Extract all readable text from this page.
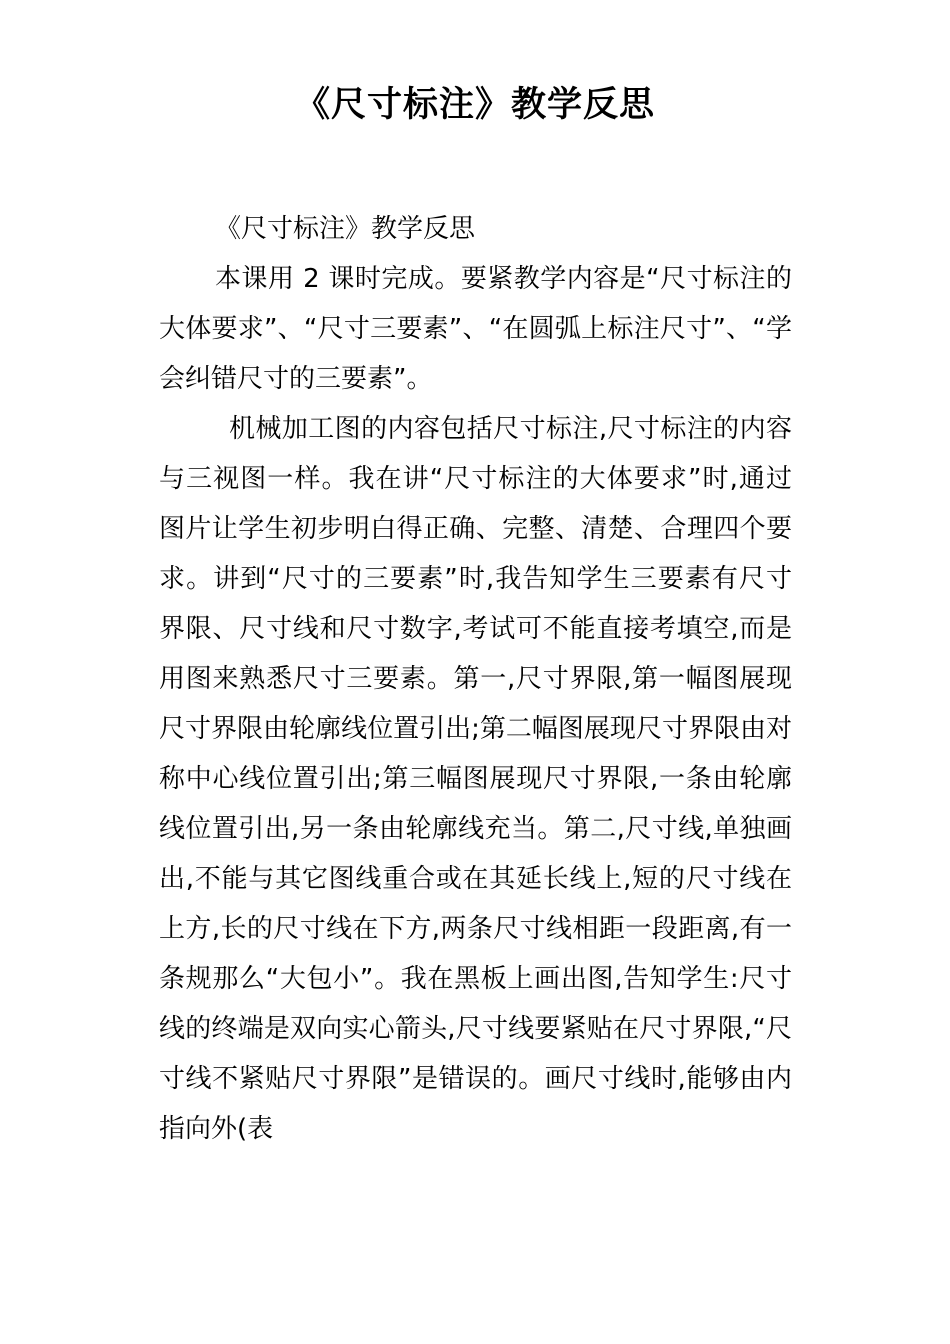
《尺寸标注》教学反思

《尺寸标注》教学反思

本课用 2 课时完成。要紧教学内容是“尺寸标注的大体要求”、“尺寸三要素”、“在圆弧上标注尺寸”、“学会纠错尺寸的三要素”。

机械加工图的内容包括尺寸标注,尺寸标注的内容与三视图一样。我在讲“尺寸标注的大体要求”时,通过图片让学生初步明白得正确、完整、清楚、合理四个要求。讲到“尺寸的三要素”时,我告知学生三要素有尺寸界限、尺寸线和尺寸数字,考试可不能直接考填空,而是用图来熟悉尺寸三要素。第一,尺寸界限,第一幅图展现尺寸界限由轮廓线位置引出;第二幅图展现尺寸界限由对称中心线位置引出;第三幅图展现尺寸界限,一条由轮廓线位置引出,另一条由轮廓线充当。第二,尺寸线,单独画出,不能与其它图线重合或在其延长线上,短的尺寸线在上方,长的尺寸线在下方,两条尺寸线相距一段距离,有一条规那么“大包小”。我在黑板上画出图,告知学生:尺寸线的终端是双向实心箭头,尺寸线要紧贴在尺寸界限,“尺寸线不紧贴尺寸界限”是错误的。画尺寸线时,能够由内指向外(表
